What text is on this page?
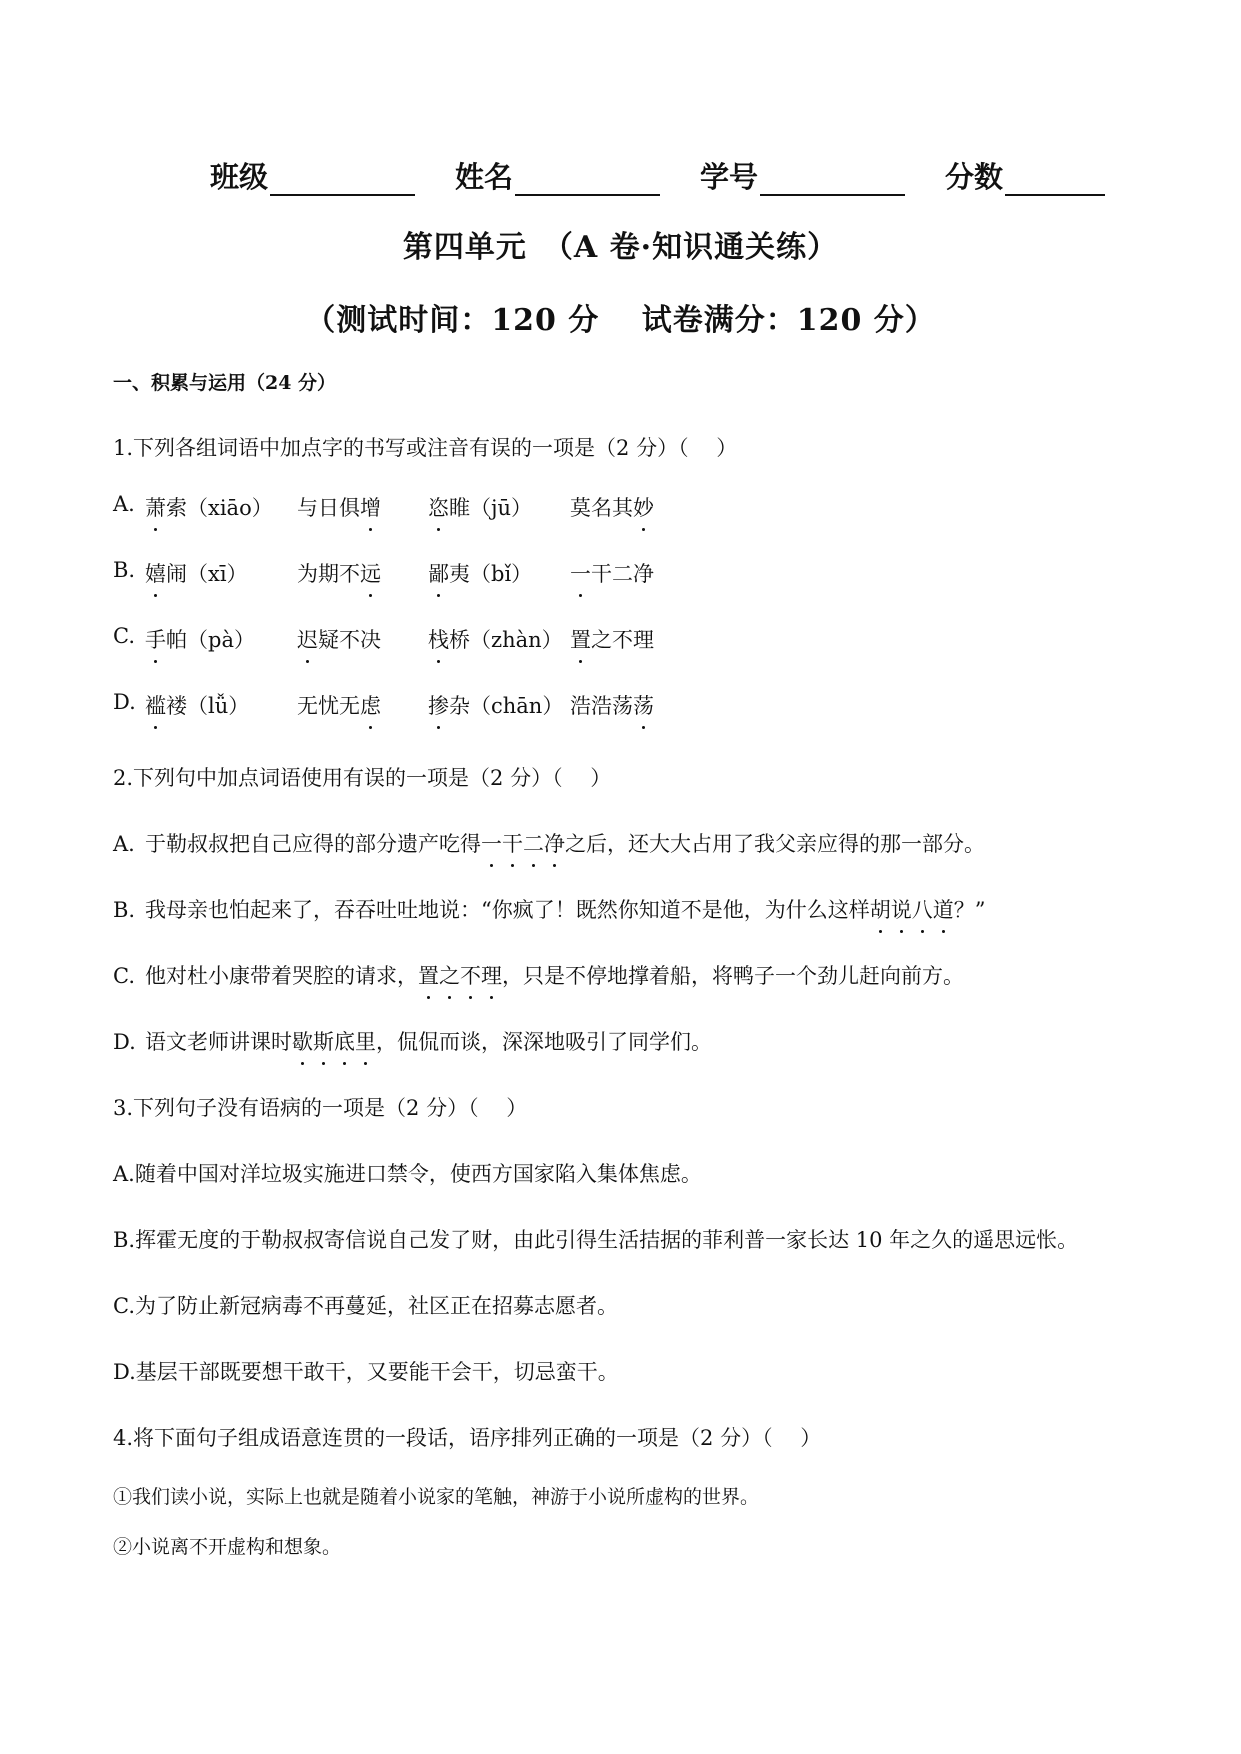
班级	姓名	学号	分数
第四单元　（A 卷·知识通关练）
（测试时间：120 分　 试卷满分：120 分）
一、积累与运用（24 分）
1.下列各组词语中加点字的书写或注音有误的一项是（2 分）（　 ）
A. 萧索（xiāo） 与日俱增 恣睢（jū） 莫名其妙
B. 嬉闹（xī） 为期不远 鄙夷（bǐ） 一干二净
C. 手帕（pà） 迟疑不决 栈桥（zhàn） 置之不理
D. 褴褛（lǚ） 无忧无虑 掺杂（chān） 浩浩荡荡
2.下列句中加点词语使用有误的一项是（2 分）（　 ）
A. 于勒叔叔把自己应得的部分遗产吃得一干二净之后，还大大占用了我父亲应得的那一部分。
B. 我母亲也怕起来了，吞吞吐吐地说：“你疯了！既然你知道不是他，为什么这样胡说八道？”
C. 他对杜小康带着哭腔的请求，置之不理，只是不停地撑着船，将鸭子一个劲儿赶向前方。
D. 语文老师讲课时歇斯底里，侃侃而谈，深深地吸引了同学们。
3.下列句子没有语病的一项是（2 分）（　 ）
A.随着中国对洋垃圾实施进口禁令，使西方国家陷入集体焦虑。
B.挥霍无度的于勒叔叔寄信说自己发了财，由此引得生活拮据的菲利普一家长达 10 年之久的遥思远怅。
C.为了防止新冠病毒不再蔓延，社区正在招募志愿者。
D.基层干部既要想干敢干，又要能干会干，切忌蛮干。
4.将下面句子组成语意连贯的一段话，语序排列正确的一项是（2 分）（　 ）
①我们读小说，实际上也就是随着小说家的笔触，神游于小说所虚构的世界。
②小说离不开虚构和想象。
